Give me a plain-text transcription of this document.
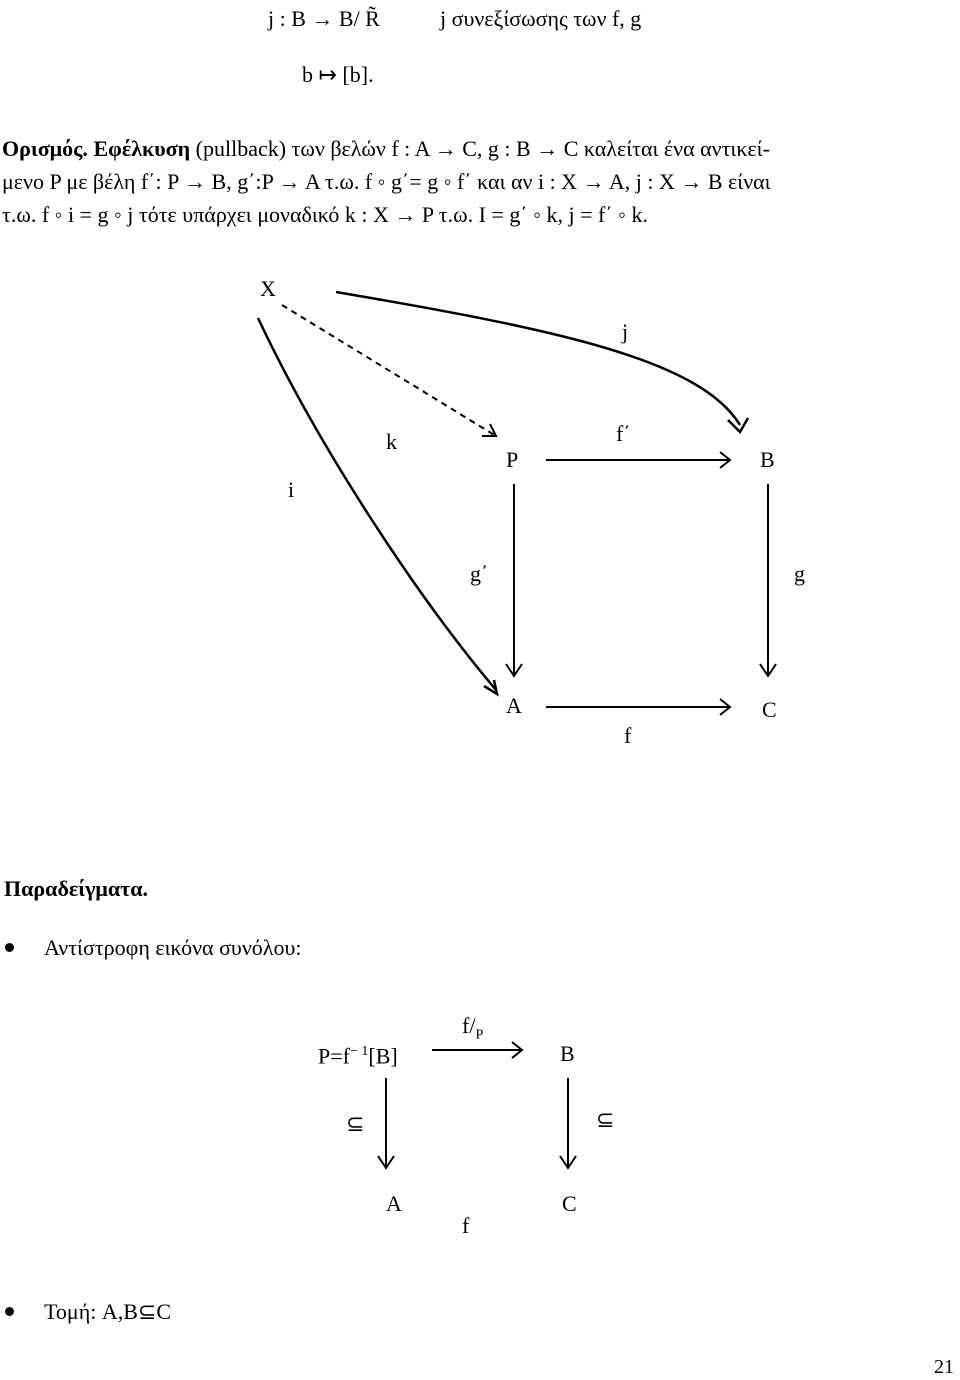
j : B → B/ R̃	j συνεξίσωσης των f, g
b ↦ [b].
Ορισμός. Εφέλκυση (pullback) των βελών f : A → C, g : B → C καλείται ένα αντικεί-
μενο P με βέλη f΄: P → B, g΄:P → A τ.ω. f ◦ g΄= g ◦ f΄ και αν i : X → A, j : X → B είναι
τ.ω. f ◦ i = g ◦ j τότε υπάρχει μοναδικό k : X → P τ.ω. I = g΄ ◦ k, j = f΄ ◦ k.
X
j
k
i
P
f΄
B
g΄	g
A	C
f
Παραδείγματα.
Αντίστροφη εικόνα συνόλου:
$P=f^{- 1}[B]$
$f/_P$
B
⊆	⊆
A	C
f
Τομή: A,B⊆C
21
